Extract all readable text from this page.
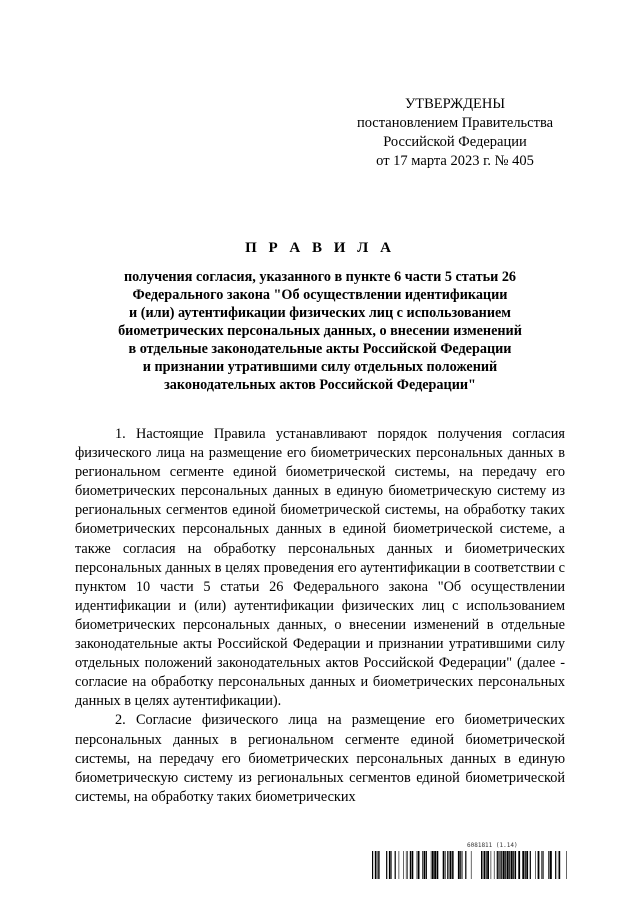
УТВЕРЖДЕНЫ
постановлением Правительства
Российской Федерации
от 17 марта 2023 г. № 405
П Р А В И Л А
получения согласия, указанного в пункте 6 части 5 статьи 26
Федерального закона "Об осуществлении идентификации
и (или) аутентификации физических лиц с использованием
биометрических персональных данных, о внесении изменений
в отдельные законодательные акты Российской Федерации
и признании утратившими силу отдельных положений
законодательных актов Российской Федерации"

1. Настоящие Правила устанавливают порядок получения согласия физического лица на размещение его биометрических персональных данных в региональном сегменте единой биометрической системы, на передачу его биометрических персональных данных в единую биометрическую систему из региональных сегментов единой биометрической системы, на обработку таких биометрических персональных данных в единой биометрической системе, а также согласия на обработку персональных данных и биометрических персональных данных в целях проведения его аутентификации в соответствии с пунктом 10 части 5 статьи 26 Федерального закона "Об осуществлении идентификации и (или) аутентификации физических лиц с использованием биометрических персональных данных, о внесении изменений в отдельные законодательные акты Российской Федерации и признании утратившими силу отдельных положений законодательных актов Российской Федерации" (далее - согласие на обработку персональных данных и биометрических персональных данных в целях аутентификации).

2. Согласие физического лица на размещение его биометрических персональных данных в региональном сегменте единой биометрической системы, на передачу его биометрических персональных данных в единую биометрическую систему из региональных сегментов единой биометрической системы, на обработку таких биометрических

6081811 (1.14)
